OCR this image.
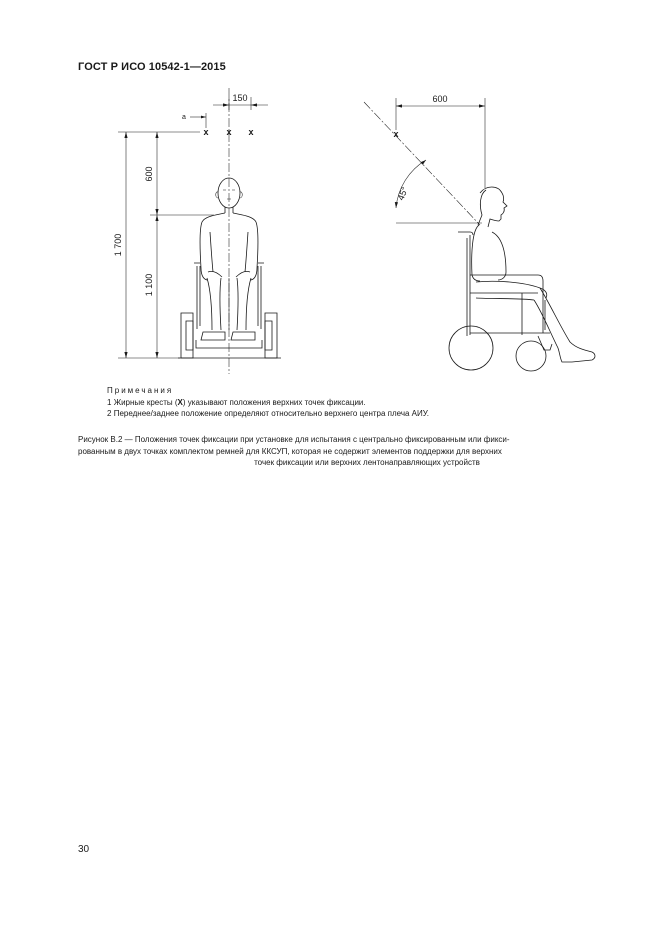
ГОСТ Р ИСО 10542-1—2015
150
а
x x x
600
1 100
1 700
600
x
45°
Примечания
1 Жирные кресты (X) указывают положения верхних точек фиксации.
2 Переднее/заднее положение определяют относительно верхнего центра плеча АИУ.
Рисунок В.2 — Положения точек фиксации при установке для испытания с центрально фиксированным или фикси-
рованным в двух точках комплектом ремней для ККСУП, которая не содержит элементов поддержки для верхних
точек фиксации или верхних лентонаправляющих устройств
30
